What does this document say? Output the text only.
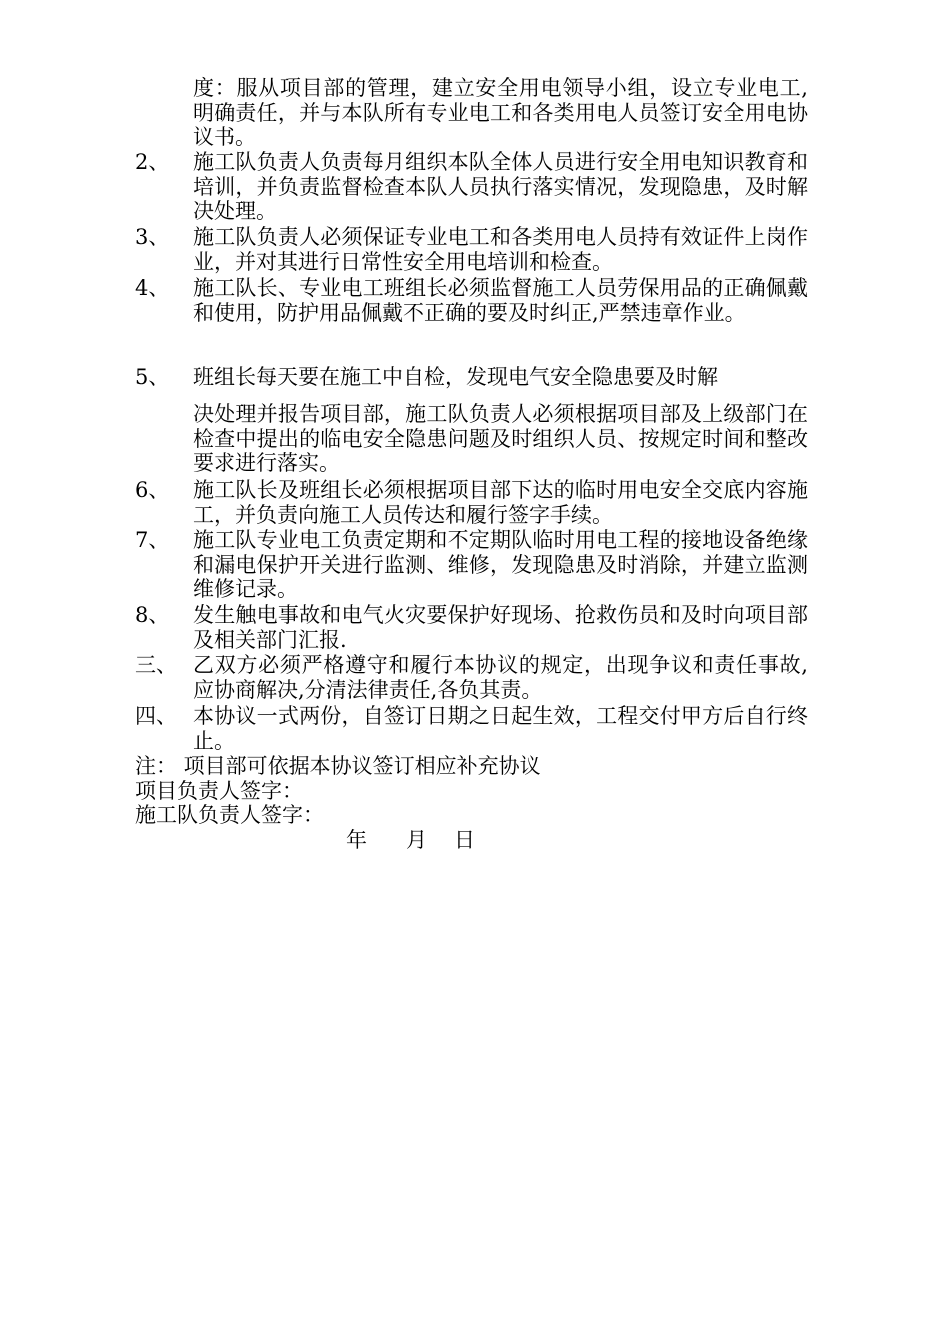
度：服从项目部的管理，建立安全用电领导小组，设立专业电工,明确责任，并与本队所有专业电工和各类用电人员签订安全用电协议书。
2、 施工队负责人负责每月组织本队全体人员进行安全用电知识教育和培训，并负责监督检查本队人员执行落实情况，发现隐患，及时解决处理。
3、 施工队负责人必须保证专业电工和各类用电人员持有效证件上岗作业，并对其进行日常性安全用电培训和检查。
4、 施工队长、专业电工班组长必须监督施工人员劳保用品的正确佩戴和使用，防护用品佩戴不正确的要及时纠正,严禁违章作业。
5、 班组长每天要在施工中自检，发现电气安全隐患要及时解
决处理并报告项目部，施工队负责人必须根据项目部及上级部门在检查中提出的临电安全隐患问题及时组织人员、按规定时间和整改要求进行落实。
6、 施工队长及班组长必须根据项目部下达的临时用电安全交底内容施工，并负责向施工人员传达和履行签字手续。
7、 施工队专业电工负责定期和不定期队临时用电工程的接地设备绝缘和漏电保护开关进行监测、维修，发现隐患及时消除，并建立监测维修记录。
8、 发生触电事故和电气火灾要保护好现场、抢救伤员和及时向项目部及相关部门汇报.
三、 乙双方必须严格遵守和履行本协议的规定，出现争议和责任事故,应协商解决,分清法律责任,各负其责。
四、 本协议一式两份，自签订日期之日起生效，工程交付甲方后自行终止。
注： 项目部可依据本协议签订相应补充协议
项目负责人签字：
施工队负责人签字：
年 月 日
